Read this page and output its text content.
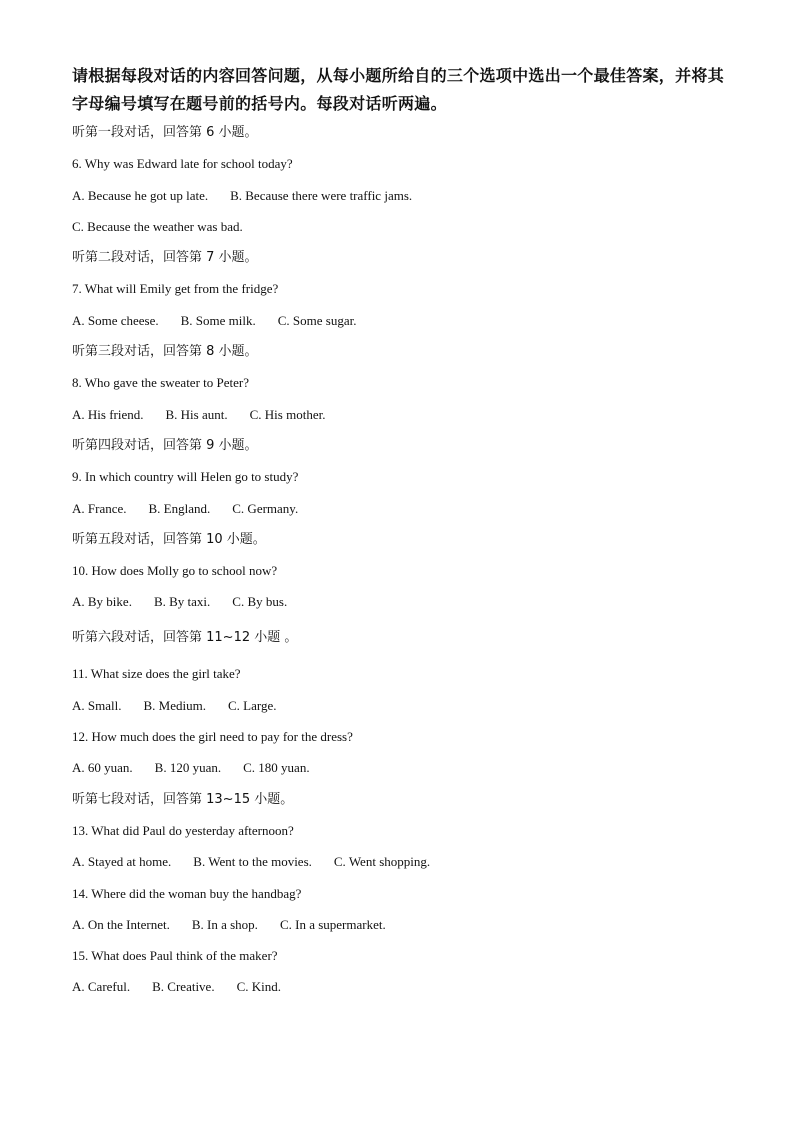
请根据每段对话的内容回答问题，从每小题所给自的三个选项中选出一个最佳答案，并将其字母编号填写在题号前的括号内。每段对话听两遍。

听第一段对话，回答第 6 小题。
6. Why was Edward late for school today?
A. Because he got up late. B. Because there were traffic jams.
C. Because the weather was bad.
听第二段对话，回答第 7 小题。
7. What will Emily get from the fridge?
A. Some cheese. B. Some milk. C. Some sugar.
听第三段对话，回答第 8 小题。
8. Who gave the sweater to Peter?
A. His friend. B. His aunt. C. His mother.
听第四段对话，回答第 9 小题。
9. In which country will Helen go to study?
A. France. B. England. C. Germany.
听第五段对话，回答第 10 小题。
10. How does Molly go to school now?
A. By bike. B. By taxi. C. By bus.
听第六段对话，回答第 11~12 小题 。
11. What size does the girl take?
A. Small. B. Medium. C. Large.
12. How much does the girl need to pay for the dress?
A. 60 yuan. B. 120 yuan. C. 180 yuan.
听第七段对话，回答第 13~15 小题。
13. What did Paul do yesterday afternoon?
A. Stayed at home. B. Went to the movies. C. Went shopping.
14. Where did the woman buy the handbag?
A. On the Internet. B. In a shop. C. In a supermarket.
15. What does Paul think of the maker?
A. Careful. B. Creative. C. Kind.
